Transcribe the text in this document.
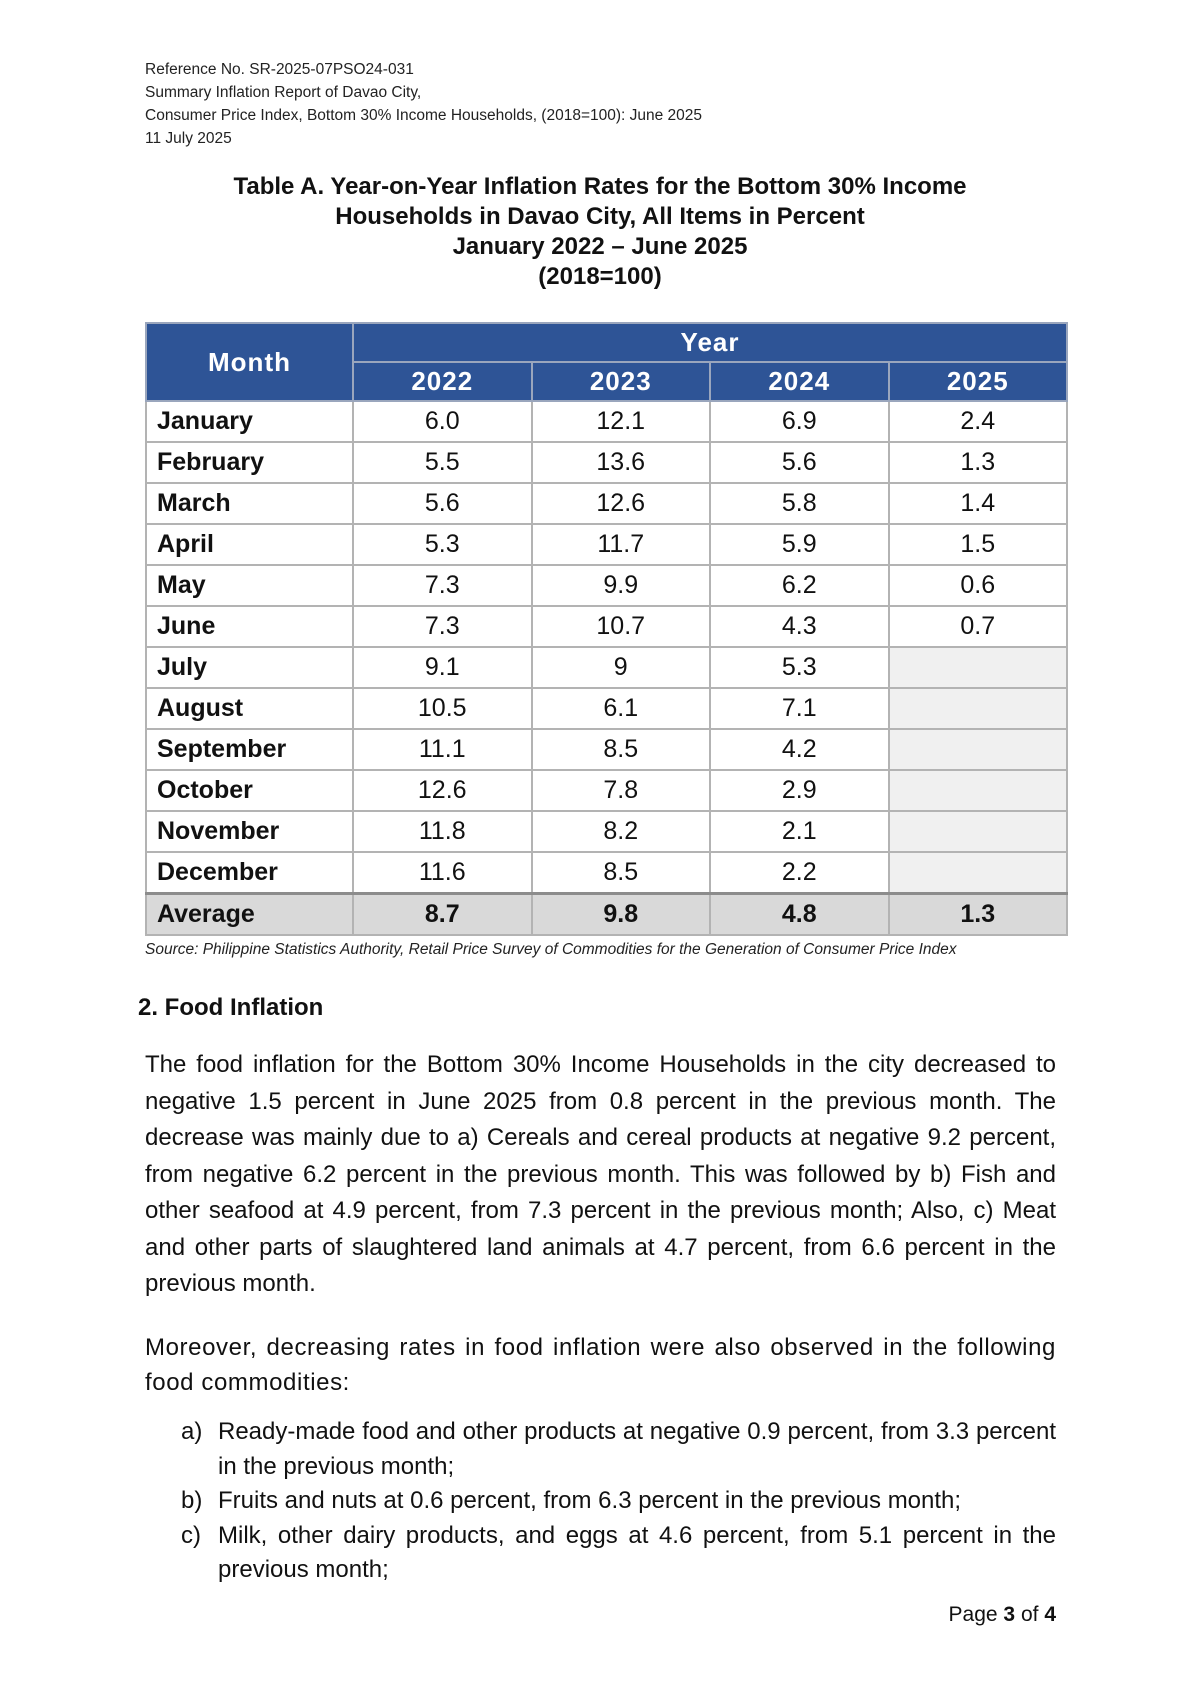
Reference No. SR-2025-07PSO24-031
Summary Inflation Report of Davao City,
Consumer Price Index, Bottom 30% Income Households, (2018=100): June 2025
11 July 2025
Table A. Year-on-Year Inflation Rates for the Bottom 30% Income
Households in Davao City, All Items in Percent
January 2022 – June 2025
(2018=100)
Month	Year			
	2022	2023	2024	2025
January	6.0	12.1	6.9	2.4
February	5.5	13.6	5.6	1.3
March	5.6	12.6	5.8	1.4
April	5.3	11.7	5.9	1.5
May	7.3	9.9	6.2	0.6
June	7.3	10.7	4.3	0.7
July	9.1	9	5.3	
August	10.5	6.1	7.1	
September	11.1	8.5	4.2	
October	12.6	7.8	2.9	
November	11.8	8.2	2.1	
December	11.6	8.5	2.2	
Average	8.7	9.8	4.8	1.3
Source: Philippine Statistics Authority, Retail Price Survey of Commodities for the Generation of Consumer Price Index
2. Food Inflation
The food inflation for the Bottom 30% Income Households in the city decreased to negative 1.5 percent in June 2025 from 0.8 percent in the previous month. The decrease was mainly due to a) Cereals and cereal products at negative 9.2 percent, from negative 6.2 percent in the previous month. This was followed by b) Fish and other seafood at 4.9 percent, from 7.3 percent in the previous month; Also, c) Meat and other parts of slaughtered land animals at 4.7 percent, from 6.6 percent in the previous month.
Moreover, decreasing rates in food inflation were also observed in the following food commodities:
a) Ready-made food and other products at negative 0.9 percent, from 3.3 percent in the previous month;
b) Fruits and nuts at 0.6 percent, from 6.3 percent in the previous month;
c) Milk, other dairy products, and eggs at 4.6 percent, from 5.1 percent in the previous month;
Page 3 of 4
